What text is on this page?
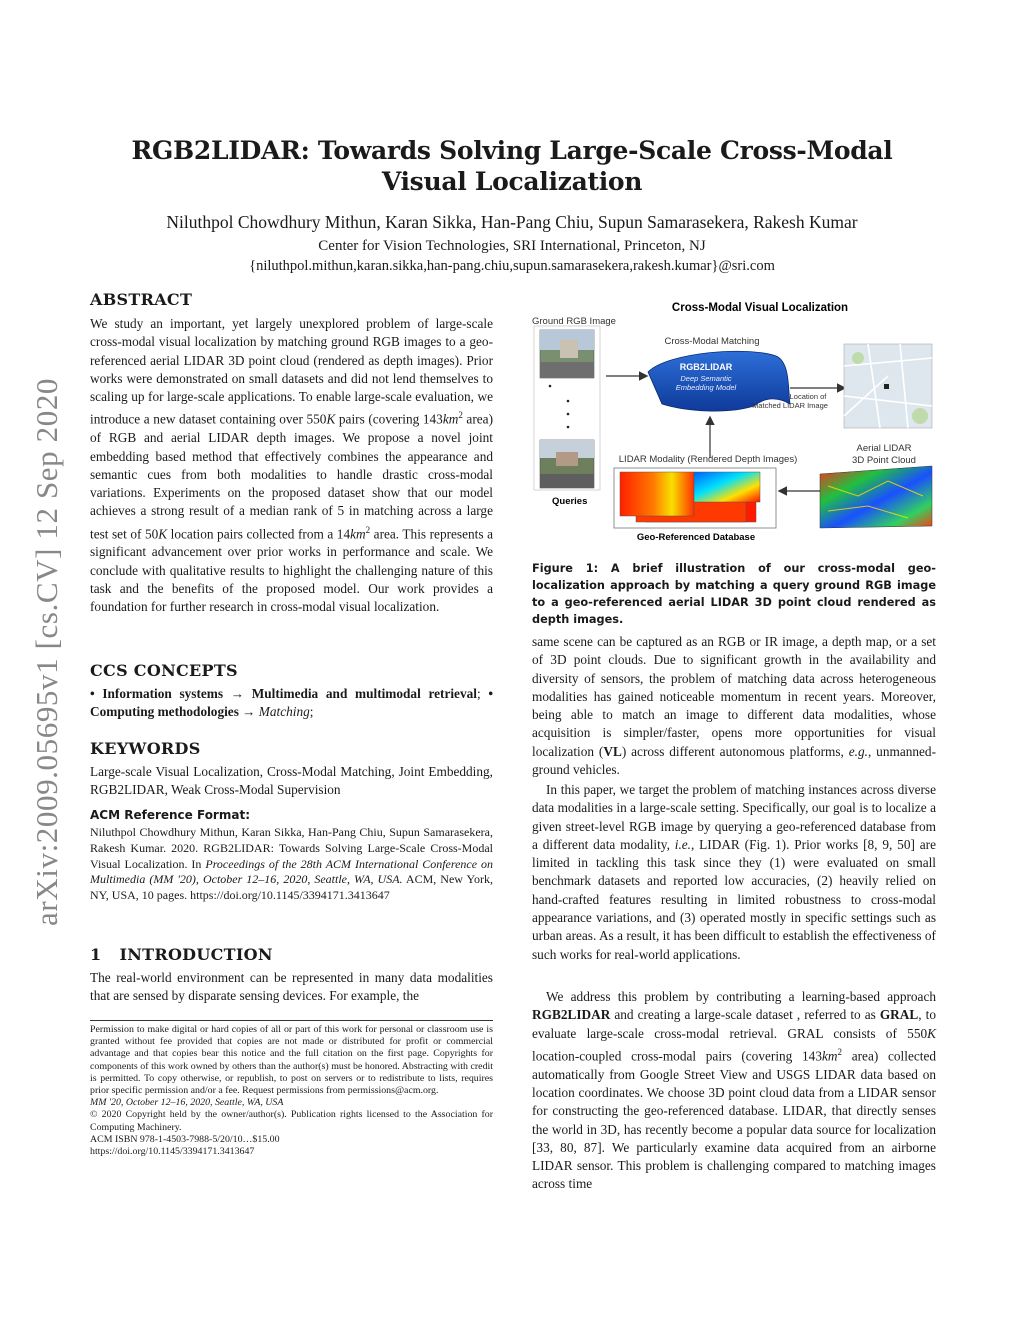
RGB2LIDAR: Towards Solving Large-Scale Cross-Modal
Visual Localization
Niluthpol Chowdhury Mithun, Karan Sikka, Han-Pang Chiu, Supun Samarasekera, Rakesh Kumar
Center for Vision Technologies, SRI International, Princeton, NJ
{niluthpol.mithun,karan.sikka,han-pang.chiu,supun.samarasekera,rakesh.kumar}@sri.com
arXiv:2009.05695v1 [cs.CV] 12 Sep 2020
ABSTRACT

We study an important, yet largely unexplored problem of large-scale cross-modal visual localization by matching ground RGB images to a geo-referenced aerial LIDAR 3D point cloud (rendered as depth images). Prior works were demonstrated on small datasets and did not lend themselves to scaling up for large-scale applications. To enable large-scale evaluation, we introduce a new dataset containing over 550K pairs (covering $143km^2$ area) of RGB and aerial LIDAR depth images. We propose a novel joint embedding based method that effectively combines the appearance and semantic cues from both modalities to handle drastic cross-modal variations. Experiments on the proposed dataset show that our model achieves a strong result of a median rank of 5 in matching across a large test set of 50K location pairs collected from a $14km^2$ area. This represents a significant advancement over prior works in performance and scale. We conclude with qualitative results to highlight the challenging nature of this task and the benefits of the proposed model. Our work provides a foundation for further research in cross-modal visual localization.

CCS CONCEPTS

• Information systems → Multimedia and multimodal retrieval; • Computing methodologies → Matching;

KEYWORDS

Large-scale Visual Localization, Cross-Modal Matching, Joint Embedding, RGB2LIDAR, Weak Cross-Modal Supervision

ACM Reference Format:

Niluthpol Chowdhury Mithun, Karan Sikka, Han-Pang Chiu, Supun Samarasekera, Rakesh Kumar. 2020. RGB2LIDAR: Towards Solving Large-Scale Cross-Modal Visual Localization. In Proceedings of the 28th ACM International Conference on Multimedia (MM '20), October 12–16, 2020, Seattle, WA, USA. ACM, New York, NY, USA, 10 pages. https://doi.org/10.1145/3394171.3413647

1 INTRODUCTION

The real-world environment can be represented in many data modalities that are sensed by disparate sensing devices. For example, the

Permission to make digital or hard copies of all or part of this work for personal or classroom use is granted without fee provided that copies are not made or distributed for profit or commercial advantage and that copies bear this notice and the full citation on the first page. Copyrights for components of this work owned by others than the author(s) must be honored. Abstracting with credit is permitted. To copy otherwise, or republish, to post on servers or to redistribute to lists, requires prior specific permission and/or a fee. Request permissions from permissions@acm.org.

MM '20, October 12–16, 2020, Seattle, WA, USA

© 2020 Copyright held by the owner/author(s). Publication rights licensed to the Association for Computing Machinery.

ACM ISBN 978-1-4503-7988-5/20/10…$15.00

https://doi.org/10.1145/3394171.3413647

Cross-Modal Visual Localization
Ground RGB Image
Queries
Cross-Modal Matching
RGB2LIDAR
Deep Semantic
Embedding Model
Location of
Matched LIDAR Image
LIDAR Modality (Rendered Depth Images)
Geo-Referenced Database
Aerial LIDAR
3D Point Cloud
Figure 1: A brief illustration of our cross-modal geo-localization approach by matching a query ground RGB image to a geo-referenced aerial LIDAR 3D point cloud rendered as depth images.

same scene can be captured as an RGB or IR image, a depth map, or a set of 3D point clouds. Due to significant growth in the availability and diversity of sensors, the problem of matching data across heterogeneous modalities has gained noticeable momentum in recent years. Moreover, being able to match an image to different data modalities, whose acquisition is simpler/faster, opens more opportunities for visual localization (VL) across different autonomous platforms, e.g., unmanned-ground vehicles.

In this paper, we target the problem of matching instances across diverse data modalities in a large-scale setting. Specifically, our goal is to localize a given street-level RGB image by querying a geo-referenced database from a different data modality, i.e., LIDAR (Fig. 1). Prior works [8, 9, 50] are limited in tackling this task since they (1) were evaluated on small benchmark datasets and reported low accuracies, (2) heavily relied on hand-crafted features resulting in limited robustness to cross-modal appearance variations, and (3) operated mostly in specific settings such as urban areas. As a result, it has been difficult to establish the effectiveness of such works for real-world applications.

We address this problem by contributing a learning-based approach RGB2LIDAR and creating a large-scale dataset , referred to as GRAL, to evaluate large-scale cross-modal retrieval. GRAL consists of 550K location-coupled cross-modal pairs (covering $143km^2$ area) collected automatically from Google Street View and USGS LIDAR data based on location coordinates. We choose 3D point cloud data from a LIDAR sensor for constructing the geo-referenced database. LIDAR, that directly senses the world in 3D, has recently become a popular data source for localization [33, 80, 87]. We particularly examine data acquired from an airborne LIDAR sensor. This problem is challenging compared to matching images across time
